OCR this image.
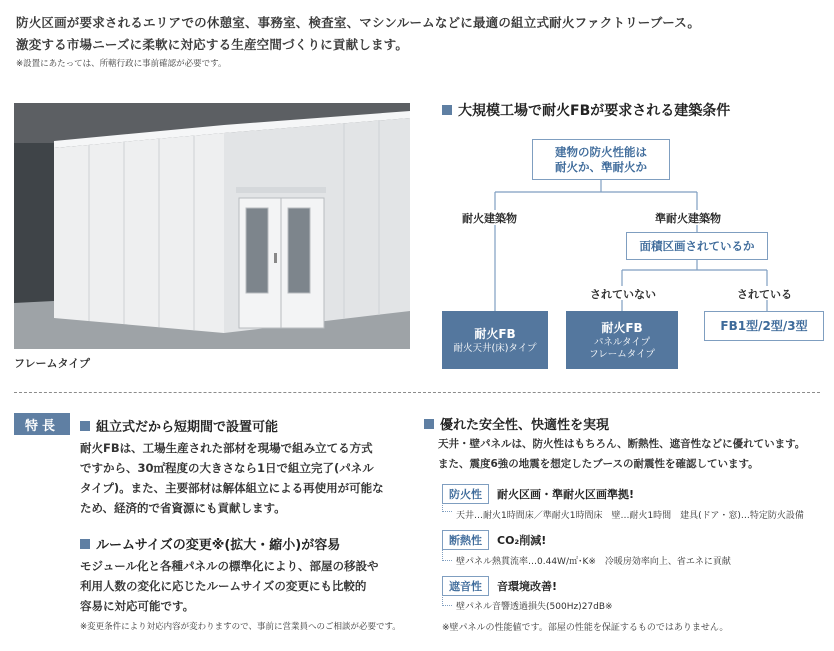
防火区画が要求されるエリアでの休憩室、事務室、検査室、マシンルームなどに最適の組立式耐火ファクトリーブース。
激変する市場ニーズに柔軟に対応する生産空間づくりに貢献します。
※設置にあたっては、所轄行政に事前確認が必要です。
フレームタイプ
大規模工場で耐火FBが要求される建築条件
建物の防火性能は
耐火か、準耐火か
耐火建築物	準耐火建築物
面積区画されているか
されていない	されている
耐火FB
耐火天井(床)タイプ
耐火FB
パネルタイプ
フレームタイプ
FB1型/2型/3型
特長	組立式だから短期間で設置可能
耐火FBは、工場生産された部材を現場で組み立てる方式
ですから、30㎡程度の大きさなら1日で組立完了(パネル
タイプ)。また、主要部材は解体組立による再使用が可能な
ため、経済的で省資源にも貢献します。
ルームサイズの変更※(拡大・縮小)が容易
モジュール化と各種パネルの標準化により、部屋の移設や
利用人数の変化に応じたルームサイズの変更にも比較的
容易に対応可能です。
※変更条件により対応内容が変わりますので、事前に営業員へのご相談が必要です。
優れた安全性、快適性を実現
天井・壁パネルは、防火性はもちろん、断熱性、遮音性などに優れています。
また、震度6強の地震を想定したブースの耐震性を確認しています。
防火性	耐火区画・準耐火区画準拠!
天井…耐火1時間床／準耐火1時間床　壁…耐火1時間　建具(ドア・窓)…特定防火設備
断熱性	CO₂削減!
壁パネル熱貫流率…0.44W/㎡･K※　冷暖房効率向上、省エネに貢献
遮音性	音環境改善!
壁パネル音響透過損失(500Hz)27dB※
※壁パネルの性能値です。部屋の性能を保証するものではありません。
